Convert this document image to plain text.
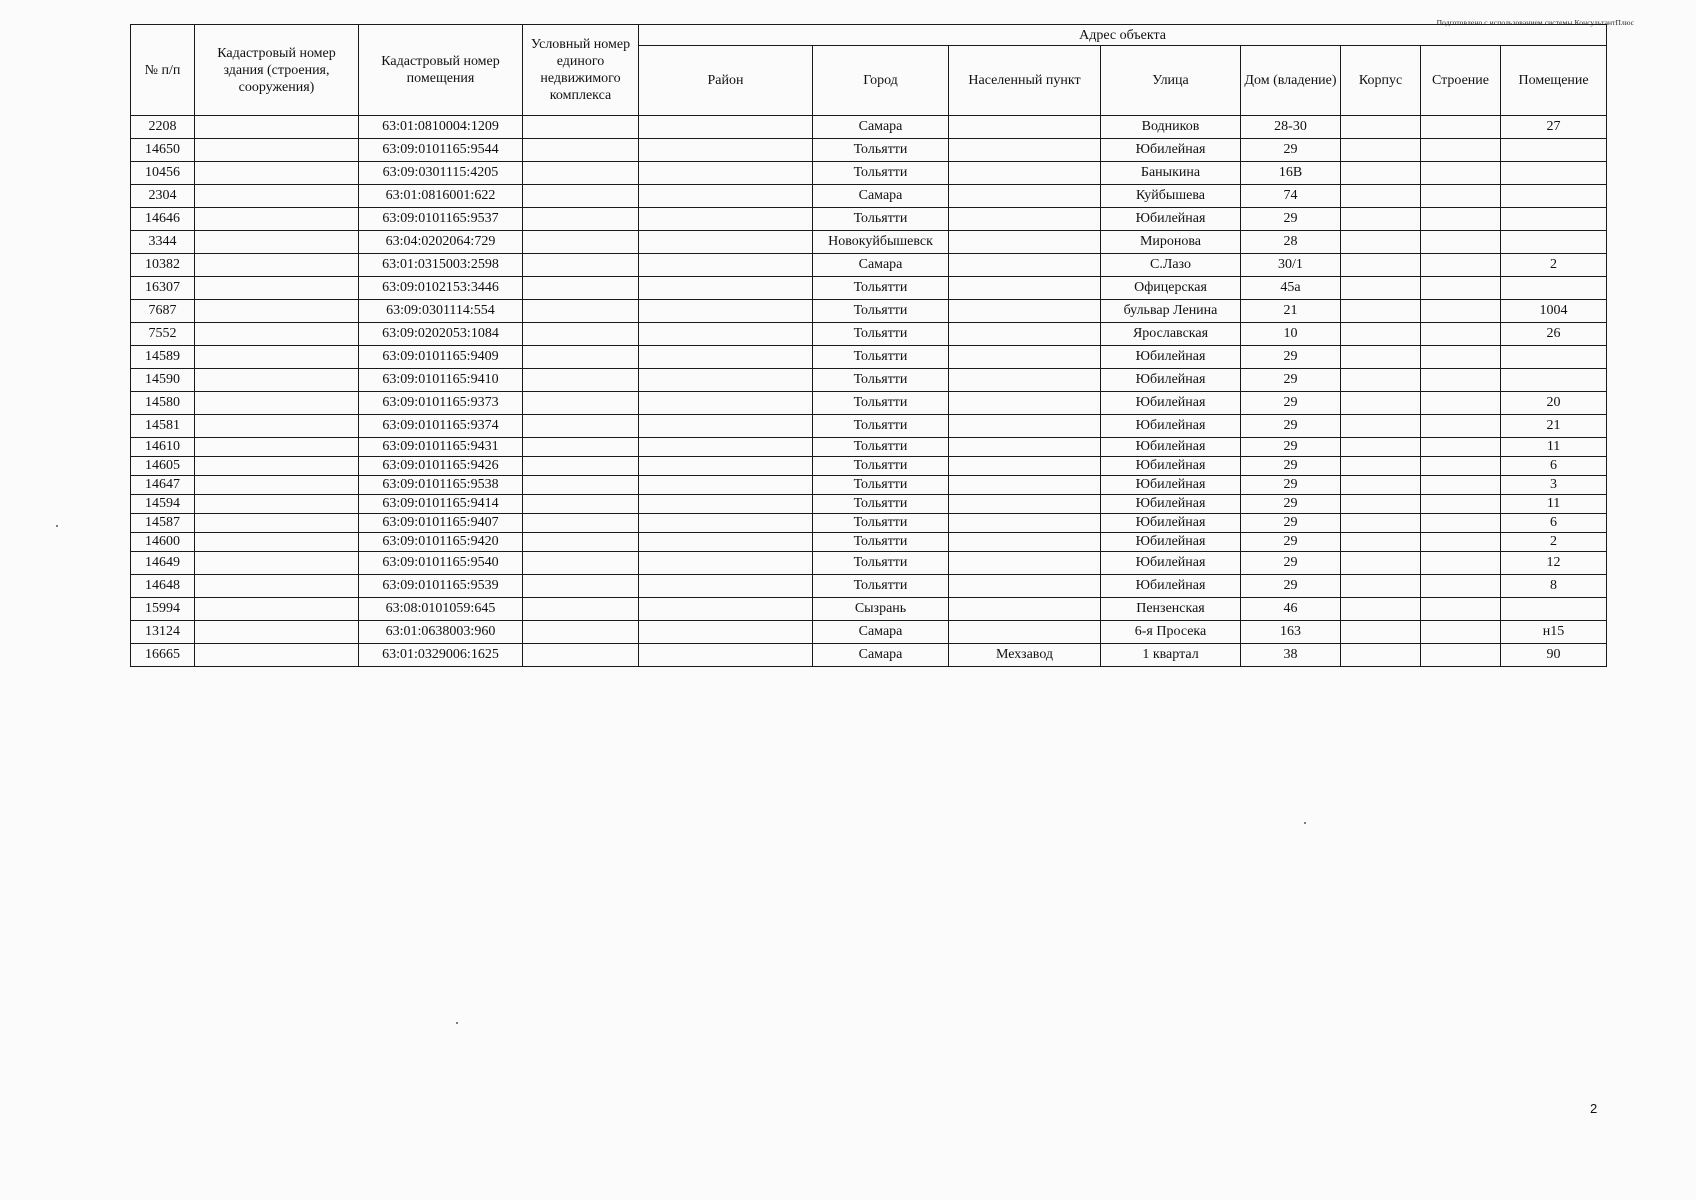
Подготовлено с использованием системы КонсультантПлюс
№ п/п	Кадастровый номер здания (строения, сооружения)	Кадастровый номер помещения	Условный номер единого недвижимого комплекса	Адрес объекта							
				Район	Город	Населенный пункт	Улица	Дом (владение)	Корпус	Строение	Помещение
2208		63:01:0810004:1209			Самара		Водников	28-30			27
14650		63:09:0101165:9544			Тольятти		Юбилейная	29			
10456		63:09:0301115:4205			Тольятти		Баныкина	16В			
2304		63:01:0816001:622			Самара		Куйбышева	74			
14646		63:09:0101165:9537			Тольятти		Юбилейная	29			
3344		63:04:0202064:729			Новокуйбышевск		Миронова	28			
10382		63:01:0315003:2598			Самара		С.Лазо	30/1			2
16307		63:09:0102153:3446			Тольятти		Офицерская	45а			
7687		63:09:0301114:554			Тольятти		бульвар Ленина	21			1004
7552		63:09:0202053:1084			Тольятти		Ярославская	10			26
14589		63:09:0101165:9409			Тольятти		Юбилейная	29			
14590		63:09:0101165:9410			Тольятти		Юбилейная	29			
14580		63:09:0101165:9373			Тольятти		Юбилейная	29			20
14581		63:09:0101165:9374			Тольятти		Юбилейная	29			21
14610		63:09:0101165:9431			Тольятти		Юбилейная	29			11
14605		63:09:0101165:9426			Тольятти		Юбилейная	29			6
14647		63:09:0101165:9538			Тольятти		Юбилейная	29			3
14594		63:09:0101165:9414			Тольятти		Юбилейная	29			11
14587		63:09:0101165:9407			Тольятти		Юбилейная	29			6
14600		63:09:0101165:9420			Тольятти		Юбилейная	29			2
14649		63:09:0101165:9540			Тольятти		Юбилейная	29			12
14648		63:09:0101165:9539			Тольятти		Юбилейная	29			8
15994		63:08:0101059:645			Сызрань		Пензенская	46			
13124		63:01:0638003:960			Самара		6-я Просека	163			н15
16665		63:01:0329006:1625			Самара	Мехзавод	1 квартал	38			90
2
